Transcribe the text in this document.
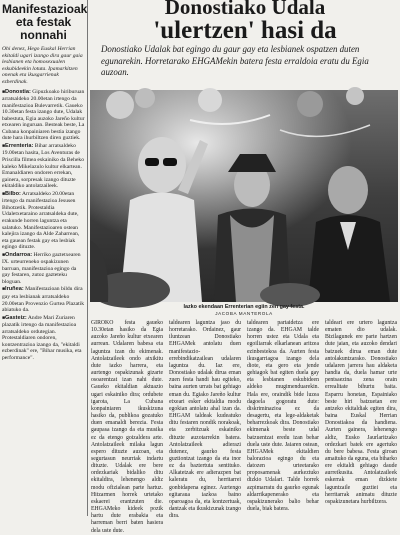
Manifestazioak eta festak nonnahi
Ohi denez, Hego Euskal Herrian ekitaldi ugari izango dira gaur gaia lesbianen eta homosexualen eskubideekin lotuta. Ipamarkitzen onenak eta ikusgarrienak ezberdinak.
■Donostia: Gipuzkoako hiriburuan arratsaldeko 20.00etan irtengo da manifestazioa Bulevarretik. Gaueko 10.30etan festa izango dute, Udalak babestuta, Egia auzoko Jareño kultur etxearen inguruan. Besteak beste, La Cubana konpainiaren bestia izango dute hara ihurbiltzen diren guztiek.
■Errenteria: Bihar arratsaldeko 19.00etan hasita, Los Aventuras de Priscilla filmea eskainiko da Beheko kaleko Mikelazulo kultur elkartean. Emanaldiaren ondoren errekan, gainera, sorpresak izango dituzte ekitaldiko antolatzaileek.
■Bilbo: Arratsaldeko 20.00etan irtengo da manifestazioa Jesusen Bihotzetik. Protestaldia Udaletxetaraino arratsaldeka dute, erakunde horren laguntza eta salatuko. Manifestazioaren ostean kalejira izango da Alde Zaharrean, eta gauean festak gay eta lesbiak egingo dituzte.
■Ondarroa: Herriko gaztetxearen IX. urteurreneko ospakizunen barruan, manifestazioa egingo da gay festaren, zutoz gazteteku bloguan.
■Iruñea: Manifestazioan bildu dira gay eta lesbianak arratsaldeko 20.00etan Provenzio Gurtea Plazatik abiatuko da.
■Gasteiz: Andre Mari Zuriaren plazatik irtengo da manifestazioa arratsaldeko ordutegian. Protestaldiaren ondoren, kontzentrazioa izango da, "ekitaldi ezberdinak" ere, "Bihar musika, eta performance".
Donostiako Udala
'ulertzen' hasi da
Donostiako Udalak bat egingo du gaur gay eta lesbianek ospatzen duten egunarekin. Horretarako EHGAMekin batera festa erraldoia eratu du Egia auzoan.
Iazko ekendaan Errenterian egiin zen gay festa.
JACOBA MANTEROLA
GIROKO festa gaueko 10.30etan hasiko da Egia auzoko Jareño kultur etxearen aurrean. Udalaren babesa eta laguntza izan du ekimenak. Antolatzaileek ondo atxikitu dute iazko harrera, eta aurtengo ospakizunak gizarte osoarentzat izan nahi dute. Gaueko ekitaldian aktuazio ugari eskainiko dira; ordubete igarota, La Cubana konpainiaren ikuskizuna hasiko da, publikoa gozatuko duen emanaldi berezia. Festa gaupasa izango da eta musika ez da etengo goizaldera arte. Antolatzaileek milaka lagun espero dituzte auzoan, eta segurtasun neurriak indartu dituzte. Udalak ere bere ordezkariak bidaliko ditu ekitaldira, lehenengo aldiz modu ofizialean parte hartuz. Hitzarmen horrek urtetako eskaerei erantzuten die. EHGAMeko kideek pozik hartu dute erabakia eta harreman berri baten hasiera dela uste dute.
taldearen laguntza jaso du horretarako. Ordainez, gaur iluntzean Donostiako EHGAMek antolatu duen manifestazio-errebindikatzailean udalaren laguntza du. Iaz ere, Donostiako udalak dirua eman zuen festa handi hau egiteko, baina aurten urrats bat gehiago eman du. Egiako Jareño kultur etxeari esker ekitaldia modu egokian antolatu ahal izan da. EHGAM taldeak kudeatuko ditu festaren nondik norakoak, eta zerbitzuak eskainiko dituzte auzotarrekin batera. Antolatzaileek adierazi dutenez, gaurko festa guztiontzat izango da eta inor ez da baztertuta sentituko. Alkatetzak ere adierazpen bat kaleratu du, herritarrei gonbidapena eginez. Aurtengo egitaraua iazkoa baino oparoagoa da, eta kontzertuak, dantzak eta ikuskizunak izango dira.
taldearen partaidetza ere izango da. EHGAM talde horren ustez eta Udala eta egoiliarrak elkarlanean aritzea ezinbestekoa da. Aurten festa ikusgarriagoa izango dela diote, eta gero eta jende gehiagok bat egiten duela gay eta lesbianen eskubideen aldeko mugimenduarekin. Hala ere, oraindik bide luzea dagoela gogoratu dute: diskriminazioa ez da desagertu, eta lege-aldaketak beharrezkoak dira. Donostiako ekimenak beste udal batzuentzat eredu izan behar duela uste dute. Jaiaren ostean, EHGAMek ekitaldien balorazioa egingo du eta datozen urteetarako proposamenak aurkeztuko dizkio Udalari. Talde horrek azpimarratu du gaurko egunak aldarrikapenerako eta ospakizunerako balio behar duela, biak batera.
taldeari ere urtero laguntza ematen dio udalak. Bizilagunek ere parte hartzen dute jaian, eta auzoko dendari batzuek dirua eman dute antolakuntzarako. Donostiako udalaren jarrera hau aldaketa handia da, duela hamar urte pentsaezina zena orain errealitate bihurtu baita. Esparru honetan, Espainiako beste hiri batzuetan ere antzeko ekitaldiak egiten dira, baina Euskal Herrian Donostiakoa da handiena. Aurten gainera, lehenengo aldiz, Eusko Jaurlaritzako ordezkari batek ere agertuko du bere babesa. Festa giroan amaituko da eguna, eta biharko ere ekitaldi gehiago daude aurreikusita. Antolatzaileek eskerrak eman dizkiete laguntzaile guztiei eta herritarrak animatu dituzte ospakizunetara hurbiltzera.
